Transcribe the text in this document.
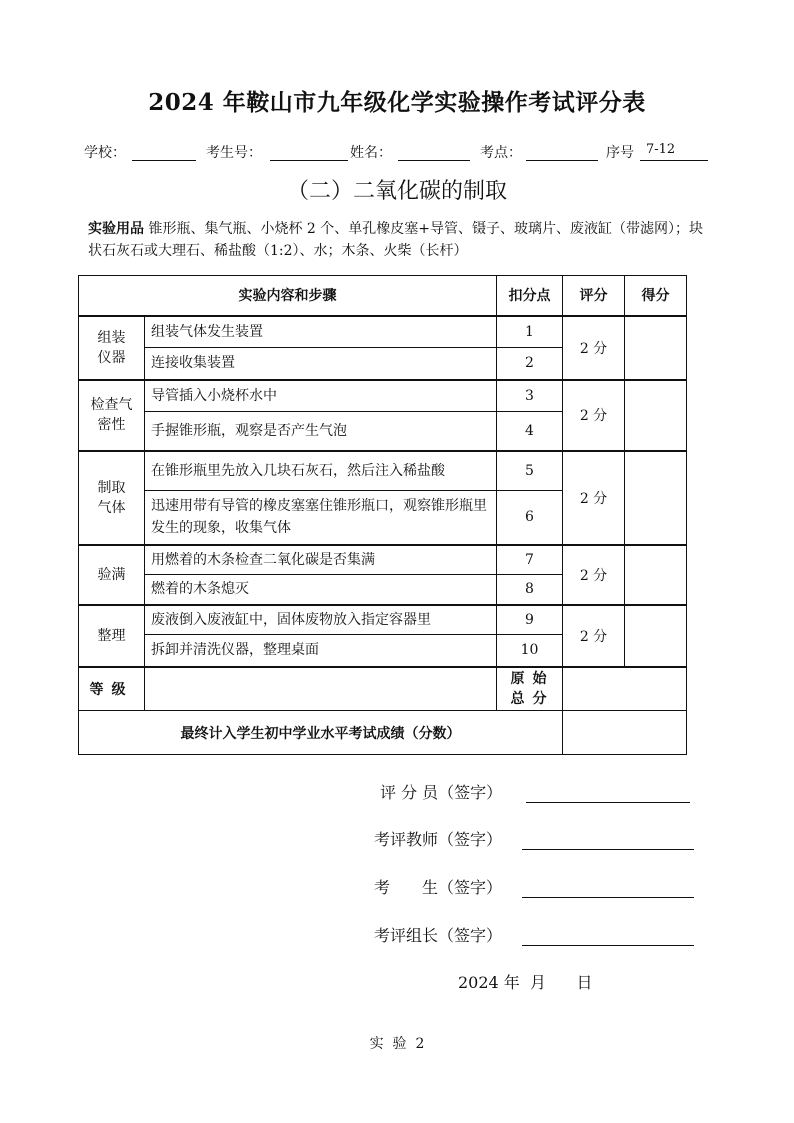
2024 年鞍山市九年级化学实验操作考试评分表
学校：	考生号：	姓名：	考点：	序号 7-12
（二）二氧化碳的制取
实验用品 锥形瓶、集气瓶、小烧杯 2 个、单孔橡皮塞+导管、镊子、玻璃片、废液缸（带滤网）；块状石灰石或大理石、稀盐酸（1:2）、水；木条、火柴（长杆）
实验内容和步骤		扣分点	评分	得分
组装仪器	组装气体发生装置	1	2 分	
	连接收集装置	2		
检查气密性	导管插入小烧杯水中	3	2 分	
	手握锥形瓶，观察是否产生气泡	4		
制取气体	在锥形瓶里先放入几块石灰石，然后注入稀盐酸	5	2 分	
	迅速用带有导管的橡皮塞塞住锥形瓶口，观察锥形瓶里发生的现象，收集气体	6		
验满	用燃着的木条检查二氧化碳是否集满	7	2 分	
	燃着的木条熄灭	8		
整理	废液倒入废液缸中，固体废物放入指定容器里	9	2 分	
	拆卸并清洗仪器，整理桌面	10		
等级		原始总分		
最终计入学生初中学业水平考试成绩（分数）				
评 分 员（签字）
考评教师（签字）
考　　生（签字）
考评组长（签字）
2024 年  月      日
实  验  2
